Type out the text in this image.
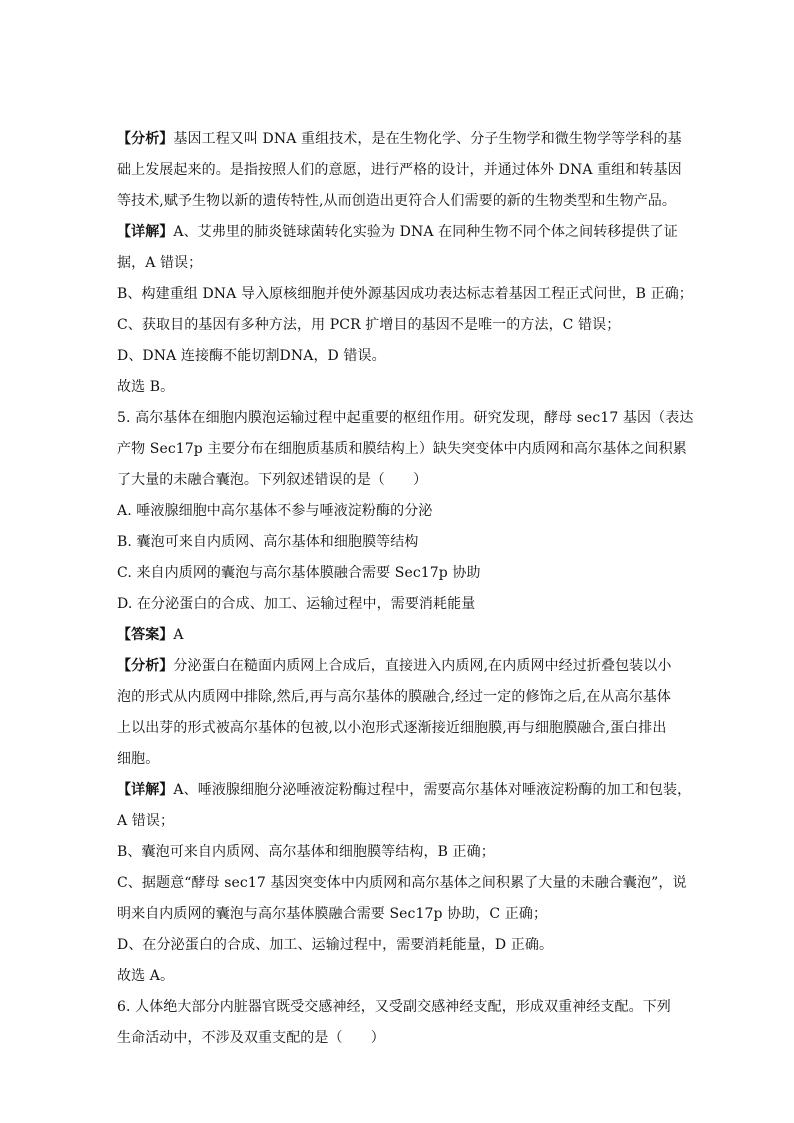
【分析】基因工程又叫 DNA 重组技术，是在生物化学、分子生物学和微生物学等学科的基
础上发展起来的。是指按照人们的意愿，进行严格的设计，并通过体外 DNA 重组和转基因
等技术,赋予生物以新的遗传特性,从而创造出更符合人们需要的新的生物类型和生物产品。
【详解】A、艾弗里的肺炎链球菌转化实验为 DNA 在同种生物不同个体之间转移提供了证
据，A 错误；
B、构建重组 DNA 导入原核细胞并使外源基因成功表达标志着基因工程正式问世，B 正确；
C、获取目的基因有多种方法，用 PCR 扩增目的基因不是唯一的方法，C 错误；
D、DNA 连接酶不能切割DNA，D 错误。
故选 B。
5. 高尔基体在细胞内膜泡运输过程中起重要的枢纽作用。研究发现，酵母 sec17 基因（表达
产物 Sec17p 主要分布在细胞质基质和膜结构上）缺失突变体中内质网和高尔基体之间积累
了大量的未融合囊泡。下列叙述错误的是（　　）
A. 唾液腺细胞中高尔基体不参与唾液淀粉酶的分泌
B. 囊泡可来自内质网、高尔基体和细胞膜等结构
C. 来自内质网的囊泡与高尔基体膜融合需要 Sec17p 协助
D. 在分泌蛋白的合成、加工、运输过程中，需要消耗能量
【答案】A
【分析】分泌蛋白在糙面内质网上合成后，直接进入内质网,在内质网中经过折叠包装以小
泡的形式从内质网中排除,然后,再与高尔基体的膜融合,经过一定的修饰之后,在从高尔基体
上以出芽的形式被高尔基体的包被,以小泡形式逐渐接近细胞膜,再与细胞膜融合,蛋白排出
细胞。
【详解】A、唾液腺细胞分泌唾液淀粉酶过程中，需要高尔基体对唾液淀粉酶的加工和包装，
A 错误；
B、囊泡可来自内质网、高尔基体和细胞膜等结构，B 正确；
C、据题意“酵母 sec17 基因突变体中内质网和高尔基体之间积累了大量的未融合囊泡”，说
明来自内质网的囊泡与高尔基体膜融合需要 Sec17p 协助，C 正确；
D、在分泌蛋白的合成、加工、运输过程中，需要消耗能量，D 正确。
故选 A。
6. 人体绝大部分内脏器官既受交感神经，又受副交感神经支配，形成双重神经支配。下列
生命活动中，不涉及双重支配的是（　　）
